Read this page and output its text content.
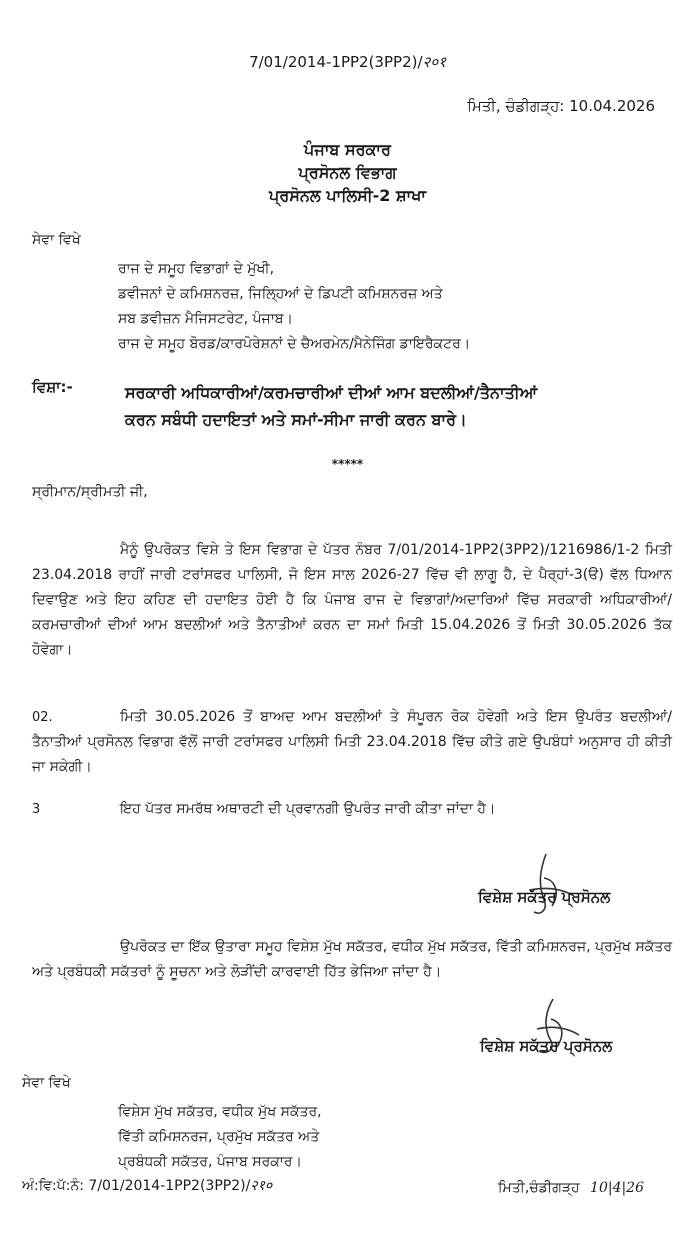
7/01/2014-1PP2(3PP2)/२०१
ਮਿਤੀ, ਚੰਡੀਗੜ੍ਹ: 10.04.2026
ਪੰਜਾਬ ਸਰਕਾਰ
ਪ੍ਰਸੋਨਲ ਵਿਭਾਗ
ਪ੍ਰਸੋਨਲ ਪਾਲਿਸੀ-2 ਸ਼ਾਖਾ
ਸੇਵਾ ਵਿਖੇ
ਰਾਜ ਦੇ ਸਮੂਹ ਵਿਭਾਗਾਂ ਦੇ ਮੁੱਖੀ,
ਡਵੀਜਨਾਂ ਦੇ ਕਮਿਸ਼ਨਰਜ਼, ਜਿਲ੍ਹਿਆਂ ਦੇ ਡਿਪਟੀ ਕਮਿਸ਼ਨਰਜ਼ ਅਤੇ
ਸਬ ਡਵੀਜ਼ਨ ਮੈਜਿਸਟਰੇਟ, ਪੰਜਾਬ।
ਰਾਜ ਦੇ ਸਮੂਹ ਬੋਰਡ/ਕਾਰਪੋਰੇਸ਼ਨਾਂ ਦੇ ਚੈਅਰਮੇਨ/ਮੈਨੇਜਿੰਗ ਡਾਇਰੈਕਟਰ।
ਵਿਸ਼ਾ:-	ਸਰਕਾਰੀ ਅਧਿਕਾਰੀਆਂ/ਕਰਮਚਾਰੀਆਂ ਦੀਆਂ ਆਮ ਬਦਲੀਆਂ/ਤੈਨਾਤੀਆਂ
ਕਰਨ ਸਬੰਧੀ ਹਦਾਇਤਾਂ ਅਤੇ ਸਮਾਂ-ਸੀਮਾ ਜਾਰੀ ਕਰਨ ਬਾਰੇ।
*****
ਸ੍ਰੀਮਾਨ/ਸ੍ਰੀਮਤੀ ਜੀ,
ਮੈਨੂੰ ਉਪਰੋਕਤ ਵਿਸ਼ੇ ਤੇ ਇਸ ਵਿਭਾਗ ਦੇ ਪੱਤਰ ਨੰਬਰ 7/01/2014-1PP2(3PP2)/1216986/1-2 ਮਿਤੀ 23.04.2018 ਰਾਹੀਂ ਜਾਰੀ ਟਰਾਂਸਫਰ ਪਾਲਿਸੀ, ਜੋ ਇਸ ਸਾਲ 2026-27 ਵਿੱਚ ਵੀ ਲਾਗੂ ਹੈ, ਦੇ ਪੈਰ੍ਹਾਂ-3(ੳ) ਵੱਲ ਧਿਆਨ ਦਿਵਾਉਣ ਅਤੇ ਇਹ ਕਹਿਣ ਦੀ ਹਦਾਇਤ ਹੋਈ ਹੈ ਕਿ ਪੰਜਾਬ ਰਾਜ ਦੇ ਵਿਭਾਗਾਂ/ਅਦਾਰਿਆਂ ਵਿੱਚ ਸਰਕਾਰੀ ਅਧਿਕਾਰੀਆਂ/ਕਰਮਚਾਰੀਆਂ ਦੀਆਂ ਆਮ ਬਦਲੀਆਂ ਅਤੇ ਤੈਨਾਤੀਆਂ ਕਰਨ ਦਾ ਸਮਾਂ ਮਿਤੀ 15.04.2026 ਤੋਂ ਮਿਤੀ 30.05.2026 ਤੱਕ ਹੋਵੇਗਾ।
02.	ਮਿਤੀ 30.05.2026 ਤੋਂ ਬਾਅਦ ਆਮ ਬਦਲੀਆਂ ਤੇ ਸੰਪੂਰਨ ਰੋਕ ਹੋਵੇਗੀ ਅਤੇ ਇਸ ਉਪਰੰਤ ਬਦਲੀਆਂ/ਤੈਨਾਤੀਆਂ ਪ੍ਰਸੋਨਲ ਵਿਭਾਗ ਵੱਲੋਂ ਜਾਰੀ ਟਰਾਂਸਫਰ ਪਾਲਿਸੀ ਮਿਤੀ 23.04.2018 ਵਿੱਚ ਕੀਤੇ ਗਏ ਉਪਬੰਧਾਂ ਅਨੁਸਾਰ ਹੀ ਕੀਤੀ ਜਾ ਸਕੇਗੀ।
3	ਇਹ ਪੱਤਰ ਸਮਰੱਥ ਅਥਾਰਟੀ ਦੀ ਪ੍ਰਵਾਨਗੀ ਉਪਰੰਤ ਜਾਰੀ ਕੀਤਾ ਜਾਂਦਾ ਹੈ।
ਵਿਸ਼ੇਸ਼ ਸਕੱਤਰ ਪ੍ਰਸੋਨਲ
ਉਪਰੋਕਤ ਦਾ ਇੱਕ ਉਤਾਰਾ ਸਮੂਹ ਵਿਸ਼ੇਸ਼ ਮੁੱਖ ਸਕੱਤਰ, ਵਧੀਕ ਮੁੱਖ ਸਕੱਤਰ, ਵਿੱਤੀ ਕਮਿਸ਼ਨਰਜ, ਪ੍ਰਮੁੱਖ ਸਕੱਤਰ ਅਤੇ ਪ੍ਰਬੰਧਕੀ ਸਕੱਤਰਾਂ ਨੂੰ ਸੂਚਨਾ ਅਤੇ ਲੋੜੀਂਦੀ ਕਾਰਵਾਈ ਹਿੱਤ ਭੇਜਿਆ ਜਾਂਦਾ ਹੈ।
ਵਿਸ਼ੇਸ਼ ਸਕੱਤਰ ਪ੍ਰਸੋਨਲ
ਸੇਵਾ ਵਿਖੇ
ਵਿਸ਼ੇਸ ਮੁੱਖ ਸਕੱਤਰ, ਵਧੀਕ ਮੁੱਖ ਸਕੱਤਰ,
ਵਿੱਤੀ ਕਮਿਸ਼ਨਰਜ, ਪ੍ਰਮੁੱਖ ਸਕੱਤਰ ਅਤੇ
ਪ੍ਰਬੰਧਕੀ ਸਕੱਤਰ, ਪੰਜਾਬ ਸਰਕਾਰ।
ਅੰ:ਵਿ:ਪੱ:ਨੰ: 7/01/2014-1PP2(3PP2)/२१०	ਮਿਤੀ,ਚੰਡੀਗੜ੍ਹ 10|4|26
